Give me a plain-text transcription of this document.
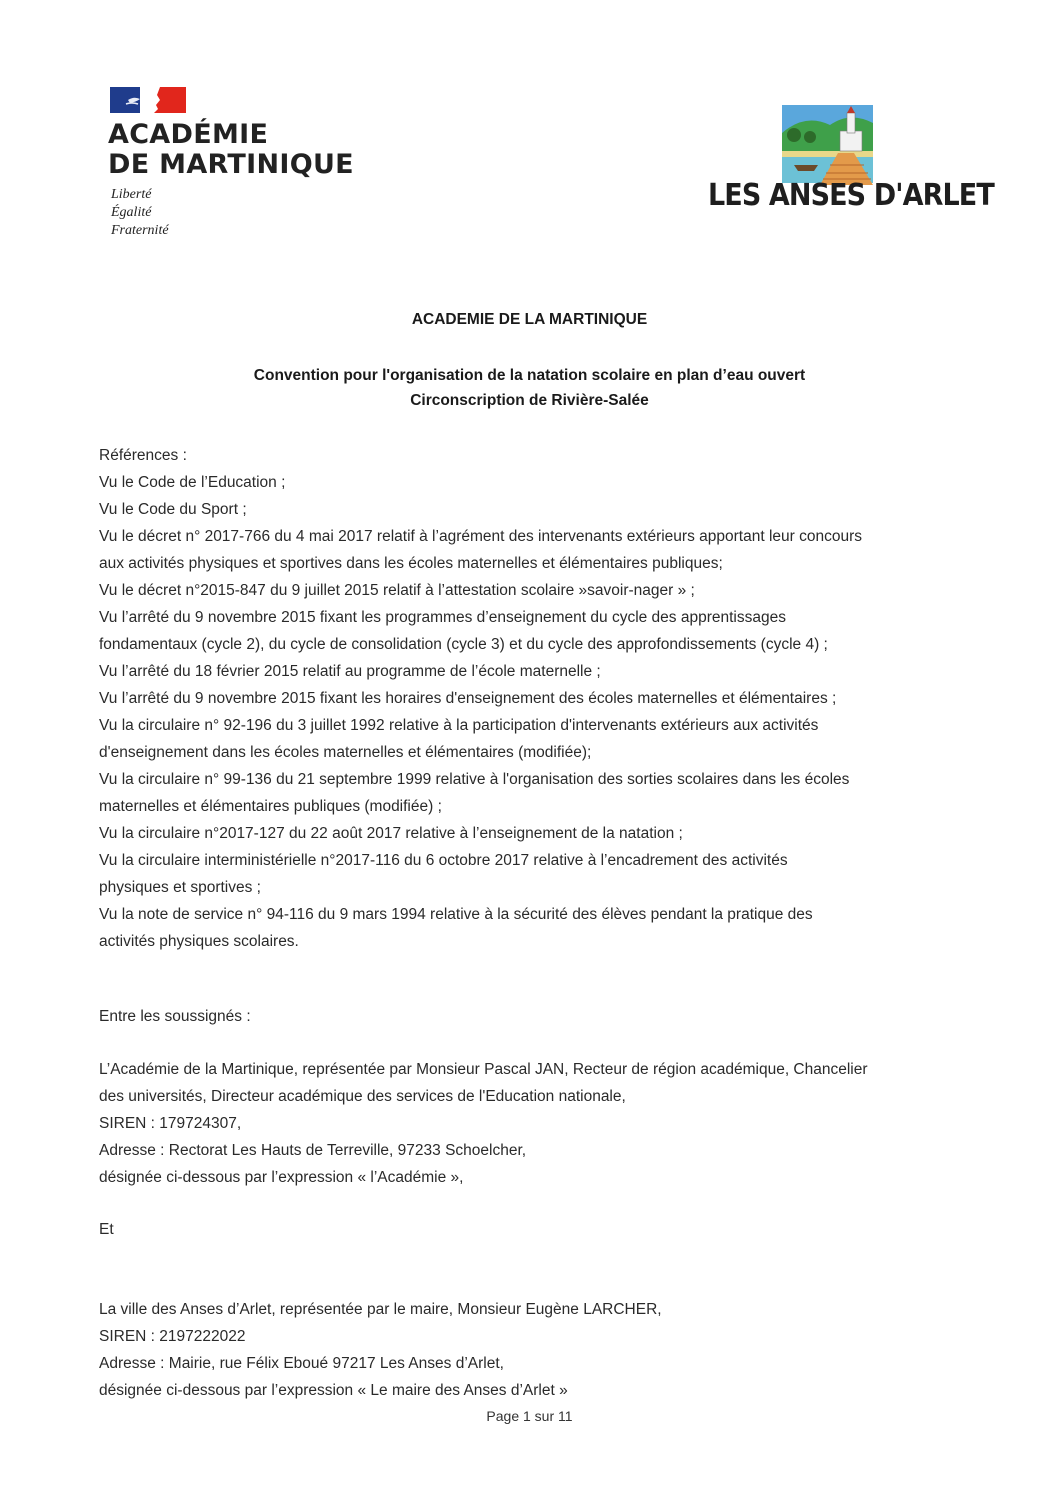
ACADÉMIE
DE MARTINIQUE
Liberté
Égalité
Fraternité
LES ANSES D'ARLET
ACADEMIE DE LA MARTINIQUE
Convention pour l'organisation de la natation scolaire en plan d’eau ouvert
Circonscription de Rivière-Salée
Références :
Vu le Code de l’Education ;
Vu le Code du Sport ;
Vu le décret n° 2017-766 du 4 mai 2017 relatif à l’agrément des intervenants extérieurs apportant leur concours
aux activités physiques et sportives dans les écoles maternelles et élémentaires publiques;
Vu le décret n°2015-847 du 9 juillet 2015 relatif à l’attestation scolaire »savoir-nager » ;
Vu l’arrêté du 9 novembre 2015 fixant les programmes d’enseignement du cycle des apprentissages
fondamentaux (cycle 2), du cycle de consolidation (cycle 3) et du cycle des approfondissements (cycle 4) ;
Vu l’arrêté du 18 février 2015 relatif au programme de l’école maternelle ;
Vu l’arrêté du 9 novembre 2015 fixant les horaires d'enseignement des écoles maternelles et élémentaires ;
Vu la circulaire n° 92-196 du 3 juillet 1992 relative à la participation d'intervenants extérieurs aux activités
d'enseignement dans les écoles maternelles et élémentaires (modifiée);
Vu la circulaire n° 99-136 du 21 septembre 1999 relative à l'organisation des sorties scolaires dans les écoles
maternelles et élémentaires publiques (modifiée) ;
Vu la circulaire n°2017-127 du 22 août 2017 relative à l’enseignement de la natation ;
Vu la circulaire interministérielle n°2017-116 du 6 octobre 2017 relative à l’encadrement des activités
physiques et sportives ;
Vu la note de service n° 94-116 du 9 mars 1994 relative à la sécurité des élèves pendant la pratique des
activités physiques scolaires.
Entre les soussignés :
L’Académie de la Martinique, représentée par Monsieur Pascal JAN, Recteur de région académique, Chancelier
des universités, Directeur académique des services de l'Education nationale,
SIREN : 179724307,
Adresse : Rectorat Les Hauts de Terreville, 97233 Schoelcher,
désignée ci-dessous par l’expression « l’Académie »,
Et
La ville des Anses d’Arlet, représentée par le maire, Monsieur Eugène LARCHER,
SIREN : 2197222022
Adresse : Mairie, rue Félix Eboué 97217 Les Anses d’Arlet,
désignée ci-dessous par l’expression « Le maire des Anses d’Arlet »
Page 1 sur 11
